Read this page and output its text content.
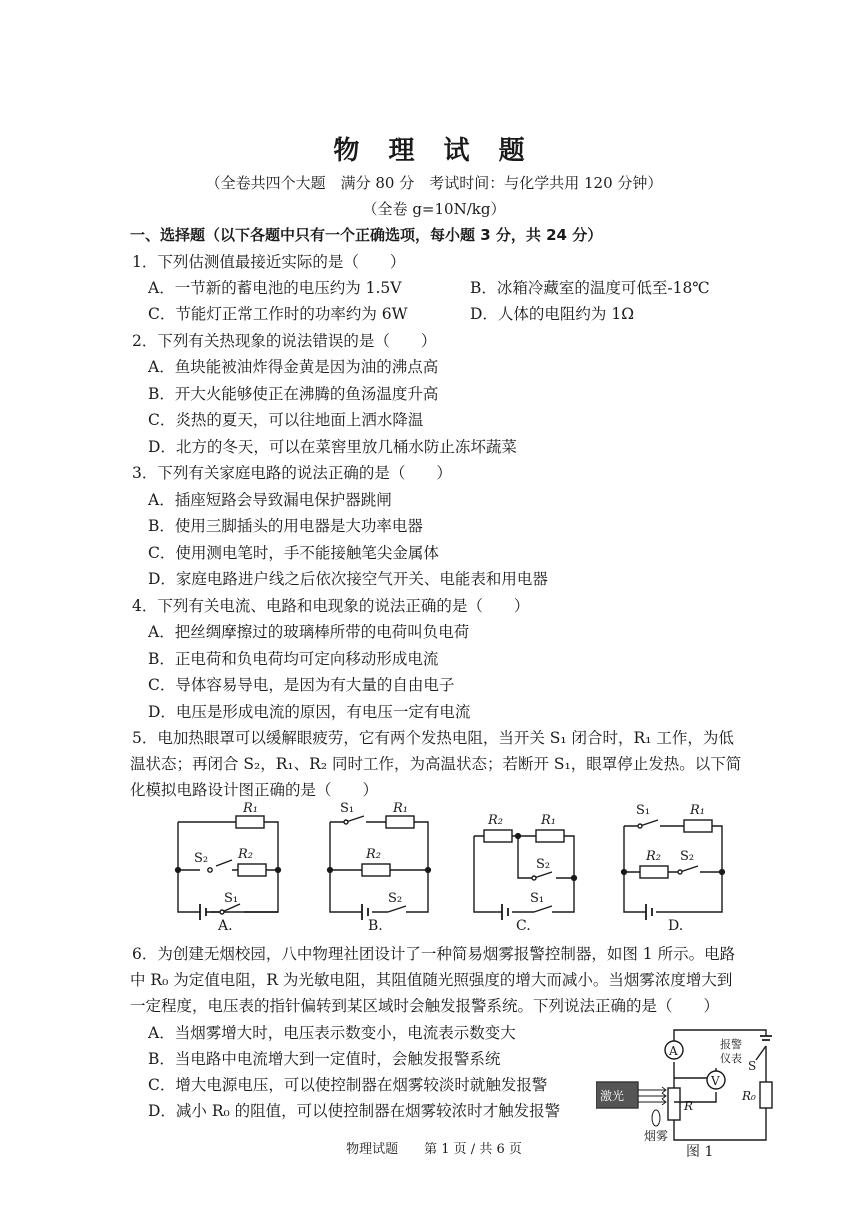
物 理 试 题
（全卷共四个大题　满分 80 分　考试时间：与化学共用 120 分钟）
（全卷 g=10N/kg）
一、选择题（以下各题中只有一个正确选项，每小题 3 分，共 24 分）
1．下列估测值最接近实际的是（　　）
A．一节新的蓄电池的电压约为 1.5V	B．冰箱冷藏室的温度可低至-18℃
C．节能灯正常工作时的功率约为 6W	D．人体的电阻约为 1Ω
2．下列有关热现象的说法错误的是（　　）
A．鱼块能被油炸得金黄是因为油的沸点高
B．开大火能够使正在沸腾的鱼汤温度升高
C．炎热的夏天，可以往地面上洒水降温
D．北方的冬天，可以在菜窖里放几桶水防止冻坏蔬菜
3．下列有关家庭电路的说法正确的是（　　）
A．插座短路会导致漏电保护器跳闸
B．使用三脚插头的用电器是大功率电器
C．使用测电笔时，手不能接触笔尖金属体
D．家庭电路进户线之后依次接空气开关、电能表和用电器
4．下列有关电流、电路和电现象的说法正确的是（　　）
A．把丝绸摩擦过的玻璃棒所带的电荷叫负电荷
B．正电荷和负电荷均可定向移动形成电流
C．导体容易导电，是因为有大量的自由电子
D．电压是形成电流的原因，有电压一定有电流
5．电加热眼罩可以缓解眼疲劳，它有两个发热电阻，当开关 S₁ 闭合时，R₁ 工作，为低
温状态；再闭合 S₂，R₁、R₂ 同时工作，为高温状态；若断开 S₁，眼罩停止发热。以下简
化模拟电路设计图正确的是（　　）
R₁
S₂ R₂
S₁
S₁	R₁
R₂
S₂
R₂	R₁
S₂
S₁
S₁	R₁
R₂ S₂
A.	B.	C.	D.
6．为创建无烟校园，八中物理社团设计了一种简易烟雾报警控制器，如图 1 所示。电路
中 R₀ 为定值电阻，R 为光敏电阻，其阻值随光照强度的增大而减小。当烟雾浓度增大到
一定程度，电压表的指针偏转到某区域时会触发报警系统。下列说法正确的是（　　）
A．当烟雾增大时，电压表示数变小，电流表示数变大
B．当电路中电流增大到一定值时，会触发报警系统
C．增大电源电压，可以使控制器在烟雾较淡时就触发报警
D．减小 R₀ 的阻值，可以使控制器在烟雾较浓时才触发报警
A
S
R₀
R
V
激光
烟雾
报警
仪表
图 1
物理试题　　第 1 页 / 共 6 页
